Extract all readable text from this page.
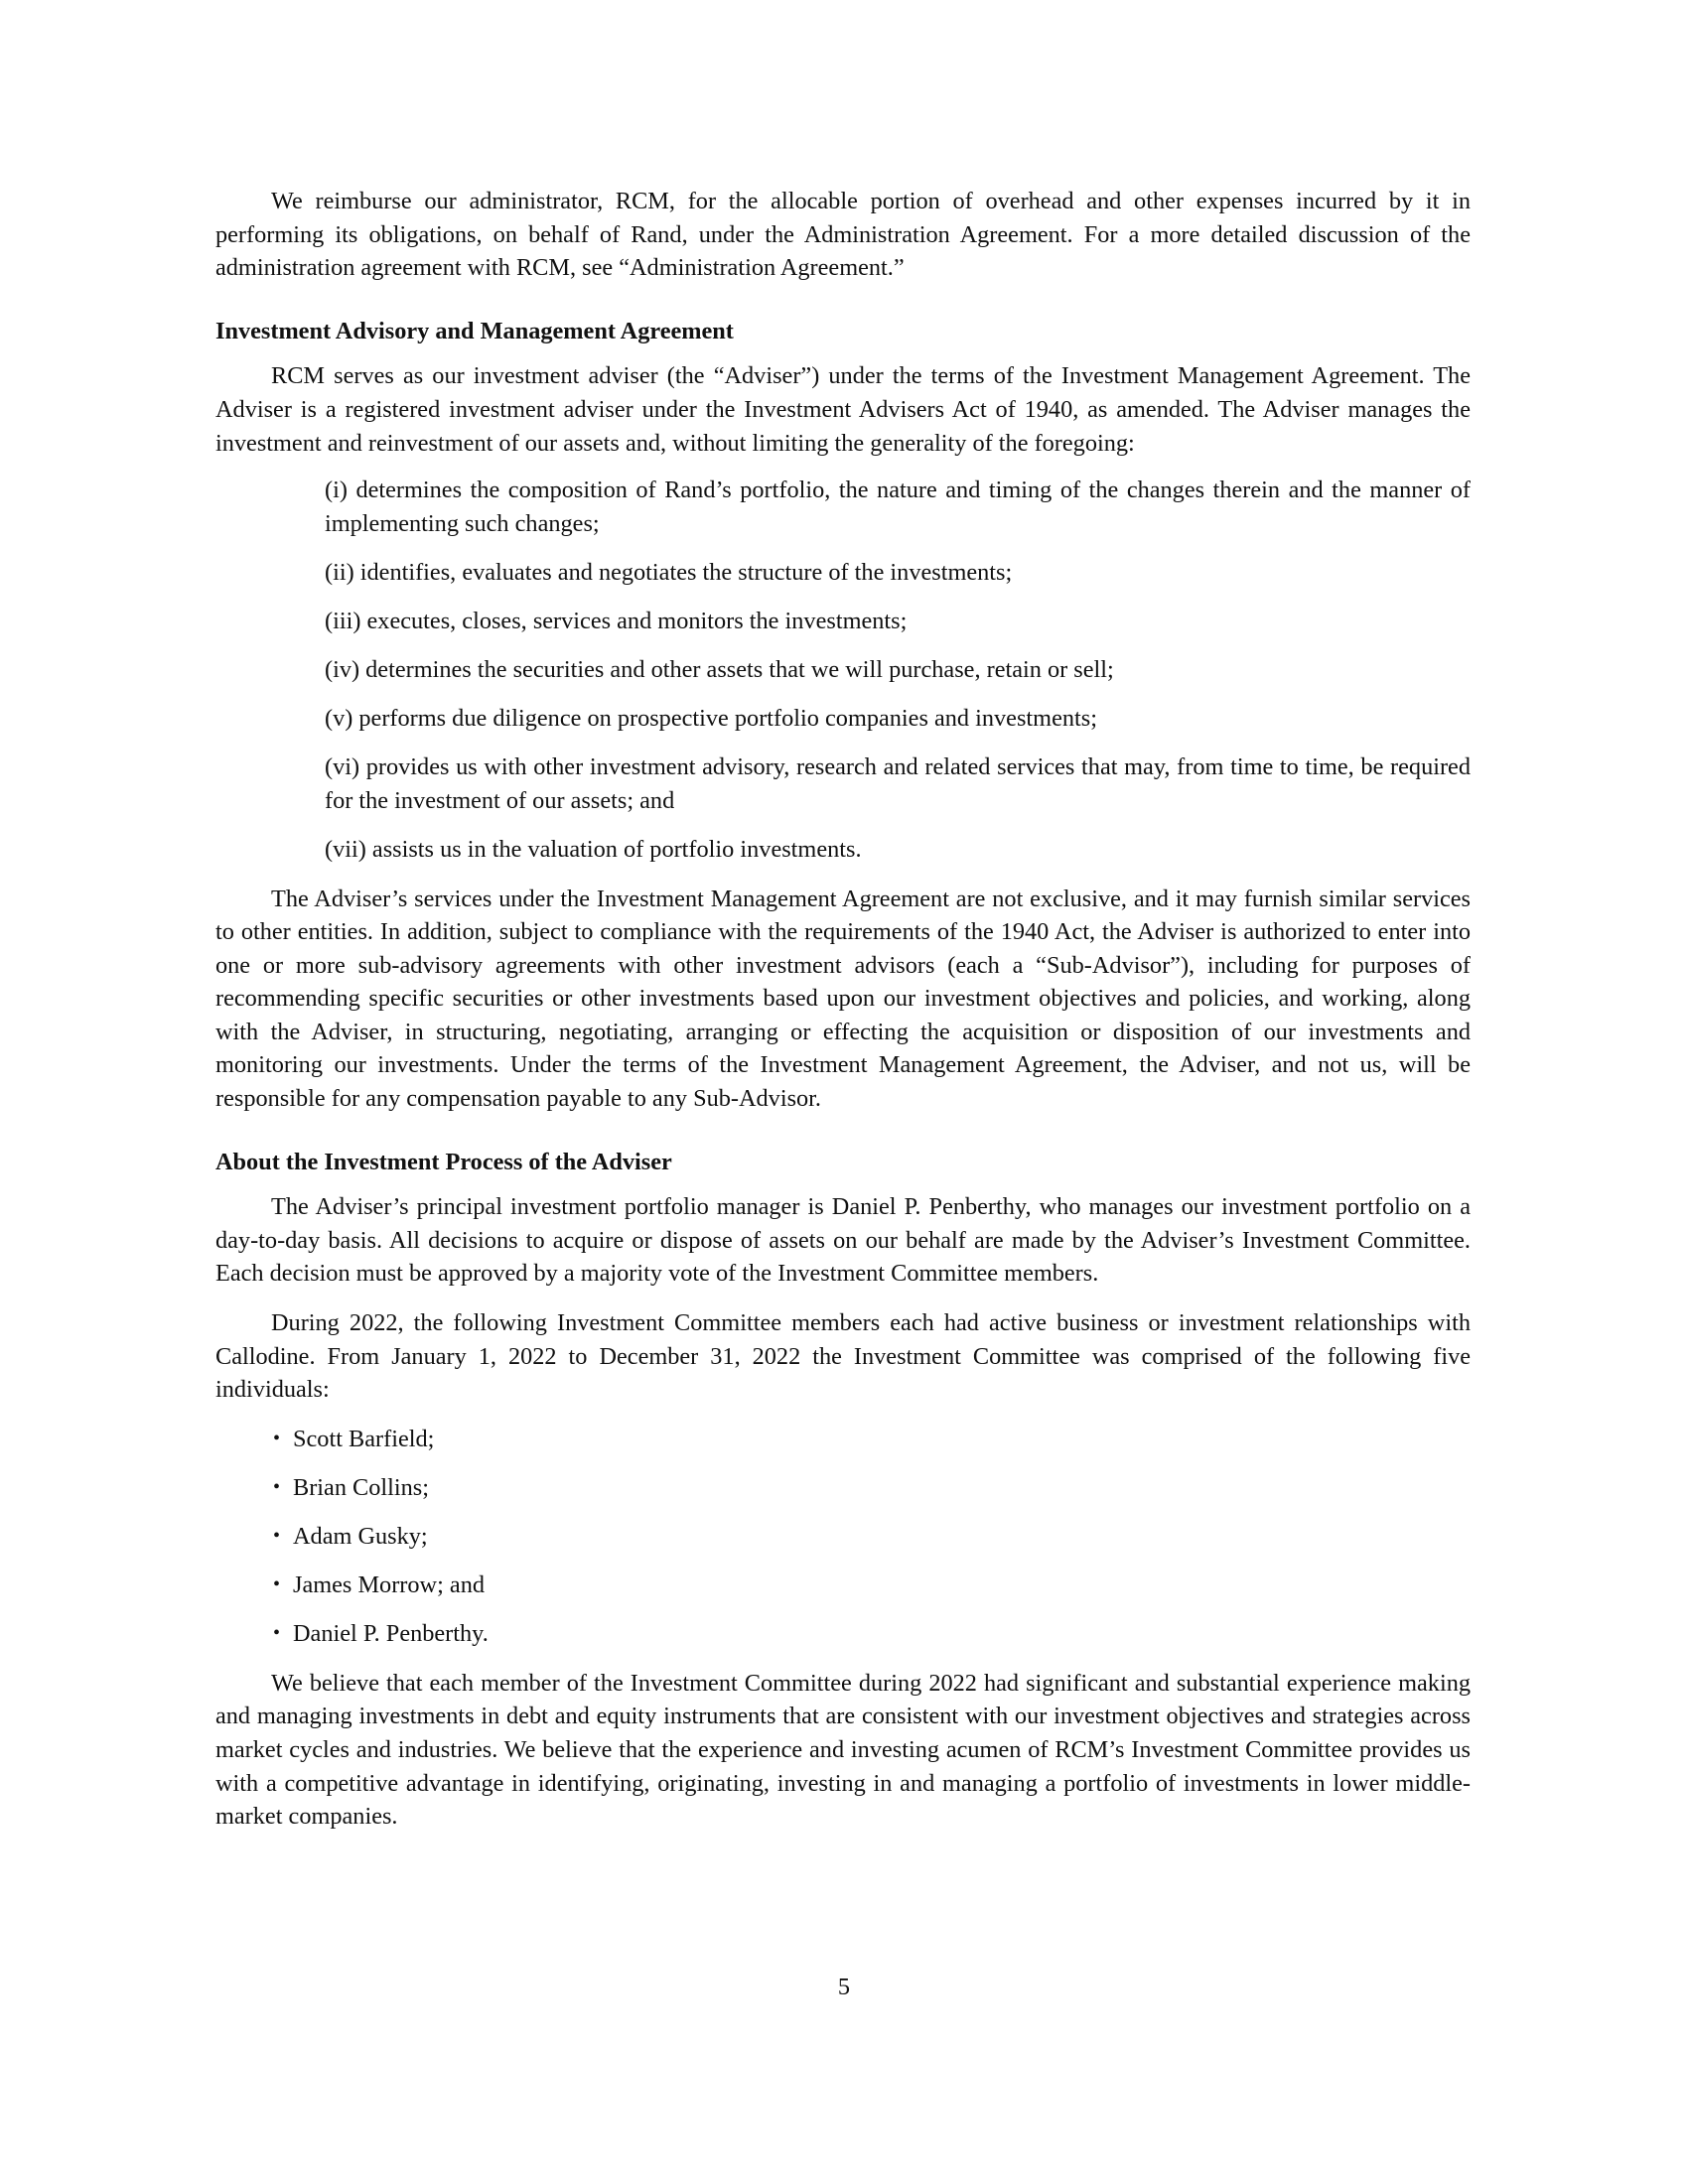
We reimburse our administrator, RCM, for the allocable portion of overhead and other expenses incurred by it in performing its obligations, on behalf of Rand, under the Administration Agreement. For a more detailed discussion of the administration agreement with RCM, see “Administration Agreement.”

Investment Advisory and Management Agreement

RCM serves as our investment adviser (the “Adviser”) under the terms of the Investment Management Agreement. The Adviser is a registered investment adviser under the Investment Advisers Act of 1940, as amended. The Adviser manages the investment and reinvestment of our assets and, without limiting the generality of the foregoing:

(i) determines the composition of Rand’s portfolio, the nature and timing of the changes therein and the manner of implementing such changes;
(ii) identifies, evaluates and negotiates the structure of the investments;
(iii) executes, closes, services and monitors the investments;
(iv) determines the securities and other assets that we will purchase, retain or sell;
(v) performs due diligence on prospective portfolio companies and investments;
(vi) provides us with other investment advisory, research and related services that may, from time to time, be required for the investment of our assets; and
(vii) assists us in the valuation of portfolio investments.

The Adviser’s services under the Investment Management Agreement are not exclusive, and it may furnish similar services to other entities. In addition, subject to compliance with the requirements of the 1940 Act, the Adviser is authorized to enter into one or more sub-advisory agreements with other investment advisors (each a “Sub-Advisor”), including for purposes of recommending specific securities or other investments based upon our investment objectives and policies, and working, along with the Adviser, in structuring, negotiating, arranging or effecting the acquisition or disposition of our investments and monitoring our investments. Under the terms of the Investment Management Agreement, the Adviser, and not us, will be responsible for any compensation payable to any Sub-Advisor.

About the Investment Process of the Adviser

The Adviser’s principal investment portfolio manager is Daniel P. Penberthy, who manages our investment portfolio on a day-to-day basis. All decisions to acquire or dispose of assets on our behalf are made by the Adviser’s Investment Committee. Each decision must be approved by a majority vote of the Investment Committee members.

During 2022, the following Investment Committee members each had active business or investment relationships with Callodine. From January 1, 2022 to December 31, 2022 the Investment Committee was comprised of the following five individuals:

• Scott Barfield;
• Brian Collins;
• Adam Gusky;
• James Morrow; and
• Daniel P. Penberthy.

We believe that each member of the Investment Committee during 2022 had significant and substantial experience making and managing investments in debt and equity instruments that are consistent with our investment objectives and strategies across market cycles and industries. We believe that the experience and investing acumen of RCM’s Investment Committee provides us with a competitive advantage in identifying, originating, investing in and managing a portfolio of investments in lower middle-market companies.

5
